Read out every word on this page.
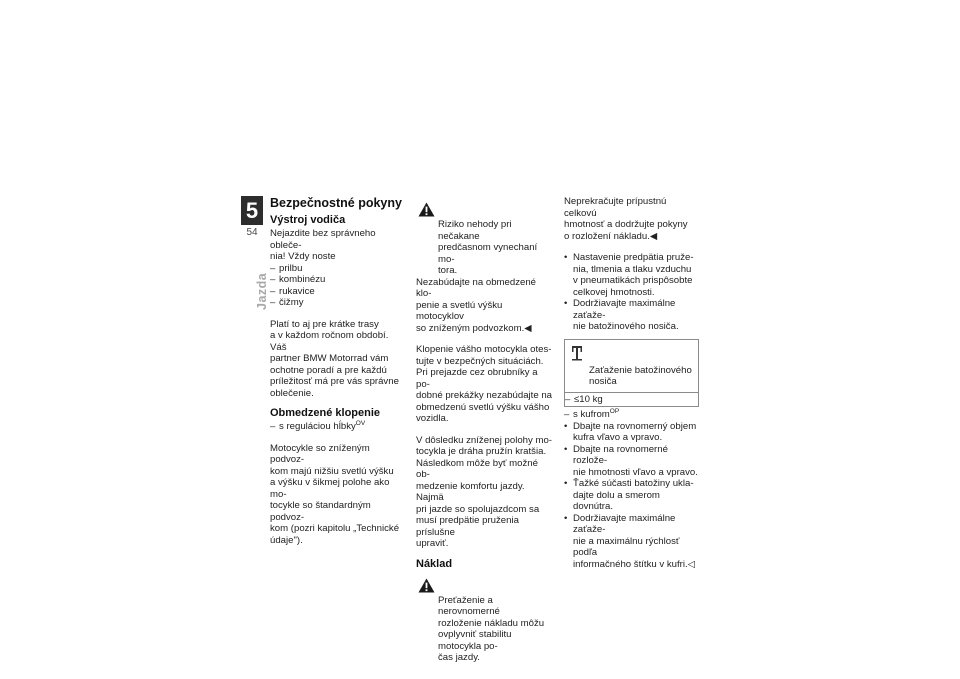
5
54
Jazda
Bezpečnostné pokyny
Výstroj vodiča

Nejazdite bez správneho obleče-
nia! Vždy noste

– prilbu
– kombinézu
– rukavice
– čižmy

Platí to aj pre krátke trasy
a v každom ročnom období. Váš
partner BMW Motorrad vám
ochotne poradí a pre každú
príležitosť má pre vás správne
oblečenie.

Obmedzené klopenie
– s reguláciou hĺbky$^{OV}$

Motocykle so zníženým podvoz-
kom majú nižšiu svetlú výšku
a výšku v šikmej polohe ako mo-
tocykle so štandardným podvoz-
kom (pozri kapitolu „Technické
údaje").

Riziko nehody pri nečakane
predčasnom vynechaní mo-
tora.

Nezabúdajte na obmedzené klo-
penie a svetlú výšku motocyklov
so zníženým podvozkom.◀

Klopenie vášho motocykla otes-
tujte v bezpečných situáciách.
Pri prejazde cez obrubníky a po-
dobné prekážky nezabúdajte na
obmedzenú svetlú výšku vášho
vozidla.

V dôsledku zníženej polohy mo-
tocykla je dráha pružín kratšia.
Následkom môže byť možné ob-
medzenie komfortu jazdy. Najmä
pri jazde so spolujazdcom sa
musí predpätie pruženia príslušne
upraviť.

Náklad

Preťaženie a nerovnomerné
rozloženie nákladu môžu
ovplyvniť stabilitu motocykla po-
čas jazdy.

Neprekračujte prípustnú celkovú
hmotnosť a dodržujte pokyny
o rozložení nákladu.◀

• Nastavenie predpätia pruže-
nia, tlmenia a tlaku vzduchu
v pneumatikách prispôsobte
celkovej hmotnosti.
• Dodržiavajte maximálne zaťaže-
nie batožinového nosiča.

Zaťaženie batožinového
nosiča

– ≤10 kg
– s kufrom$^{OP}$
• Dbajte na rovnomerný objem
kufra vľavo a vpravo.
• Dbajte na rovnomerné rozlože-
nie hmotnosti vľavo a vpravo.
• Ťažké súčasti batožiny ukla-
dajte dolu a smerom dovnútra.
• Dodržiavajte maximálne zaťaže-
nie a maximálnu rýchlosť podľa
informačného štítku v kufri.◁
